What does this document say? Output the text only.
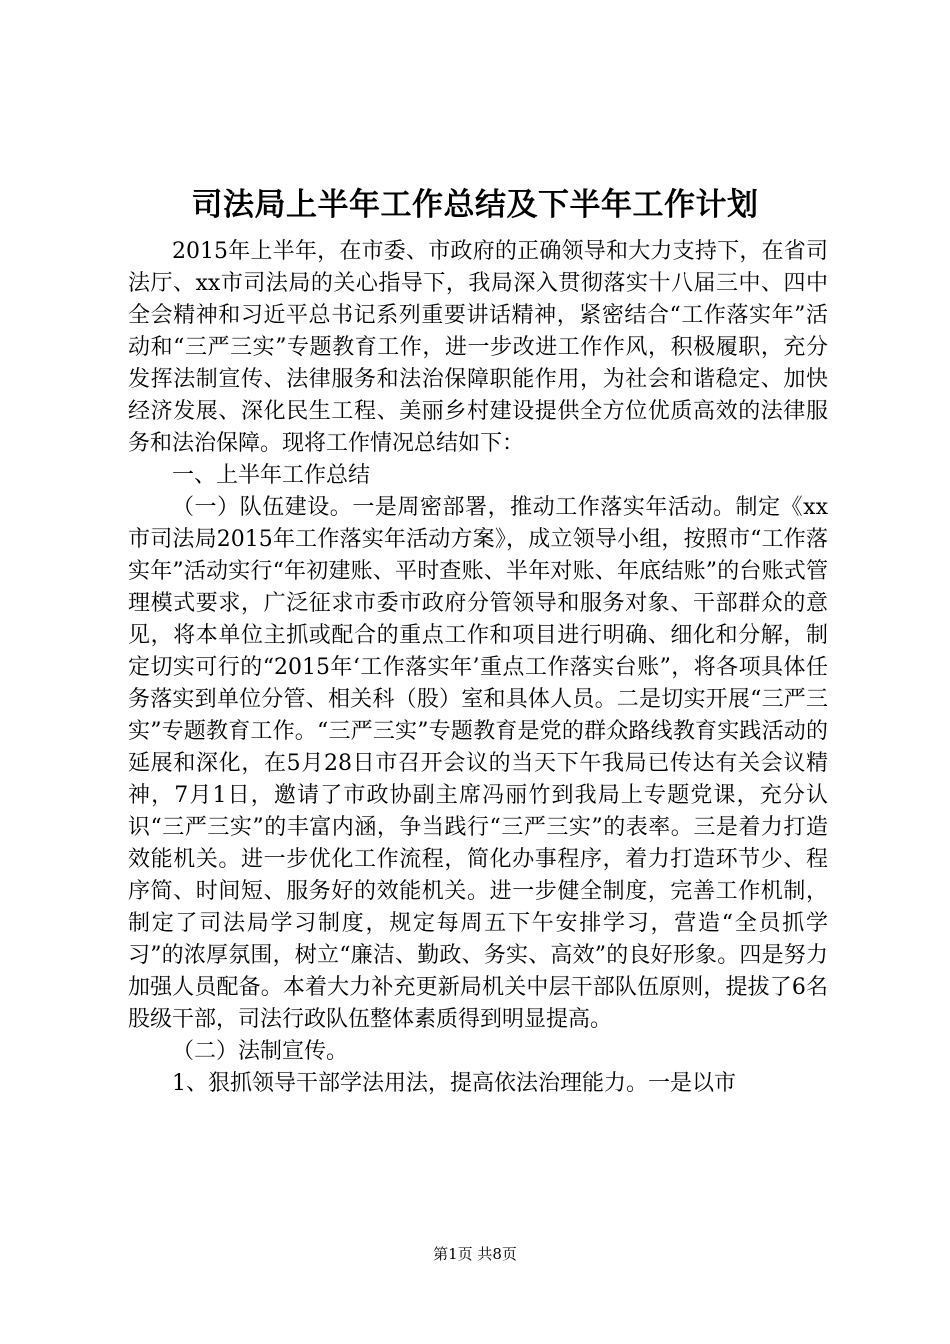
司法局上半年工作总结及下半年工作计划

2015年上半年，在市委、市政府的正确领导和大力支持下，在省司法厅、xx市司法局的关心指导下，我局深入贯彻落实十八届三中、四中全会精神和习近平总书记系列重要讲话精神，紧密结合“工作落实年”活动和“三严三实”专题教育工作，进一步改进工作作风，积极履职，充分发挥法制宣传、法律服务和法治保障职能作用，为社会和谐稳定、加快经济发展、深化民生工程、美丽乡村建设提供全方位优质高效的法律服务和法治保障。现将工作情况总结如下：

一、上半年工作总结

（一）队伍建设。一是周密部署，推动工作落实年活动。制定《xx市司法局2015年工作落实年活动方案》，成立领导小组，按照市“工作落实年”活动实行“年初建账、平时查账、半年对账、年底结账”的台账式管理模式要求，广泛征求市委市政府分管领导和服务对象、干部群众的意见，将本单位主抓或配合的重点工作和项目进行明确、细化和分解，制定切实可行的“2015年‘工作落实年’重点工作落实台账”，将各项具体任务落实到单位分管、相关科（股）室和具体人员。二是切实开展“三严三实”专题教育工作。“三严三实”专题教育是党的群众路线教育实践活动的延展和深化，在5月28日市召开会议的当天下午我局已传达有关会议精神，7月1日，邀请了市政协副主席冯丽竹到我局上专题党课，充分认识“三严三实”的丰富内涵，争当践行“三严三实”的表率。三是着力打造效能机关。进一步优化工作流程，简化办事程序，着力打造环节少、程序简、时间短、服务好的效能机关。进一步健全制度，完善工作机制，制定了司法局学习制度，规定每周五下午安排学习，营造“全员抓学习”的浓厚氛围，树立“廉洁、勤政、务实、高效”的良好形象。四是努力加强人员配备。本着大力补充更新局机关中层干部队伍原则，提拔了6名股级干部，司法行政队伍整体素质得到明显提高。

（二）法制宣传。

1、狠抓领导干部学法用法，提高依法治理能力。一是以市

第1页 共8页
